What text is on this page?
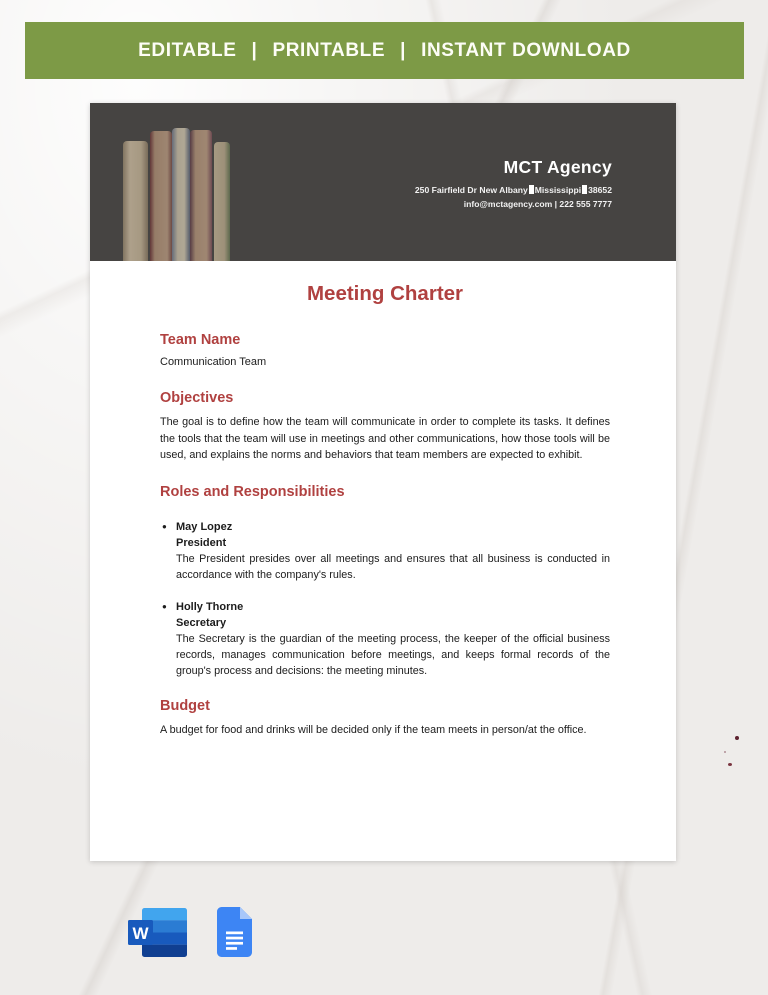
EDITABLE | PRINTABLE | INSTANT DOWNLOAD
MCT Agency
250 Fairfield Dr New Albany Mississippi 38652
info@mctagency.com | 222 555 7777
Meeting Charter
Team Name
Communication Team
Objectives
The goal is to define how the team will communicate in order to complete its tasks. It defines the tools that the team will use in meetings and other communications, how those tools will be used, and explains the norms and behaviors that team members are expected to exhibit.
Roles and Responsibilities
● May Lopez
President
The President presides over all meetings and ensures that all business is conducted in accordance with the company's rules.
● Holly Thorne
Secretary
The Secretary is the guardian of the meeting process, the keeper of the official business records, manages communication before meetings, and keeps formal records of the group's process and decisions: the meeting minutes.
Budget
A budget for food and drinks will be decided only if the team meets in person/at the office.
W
